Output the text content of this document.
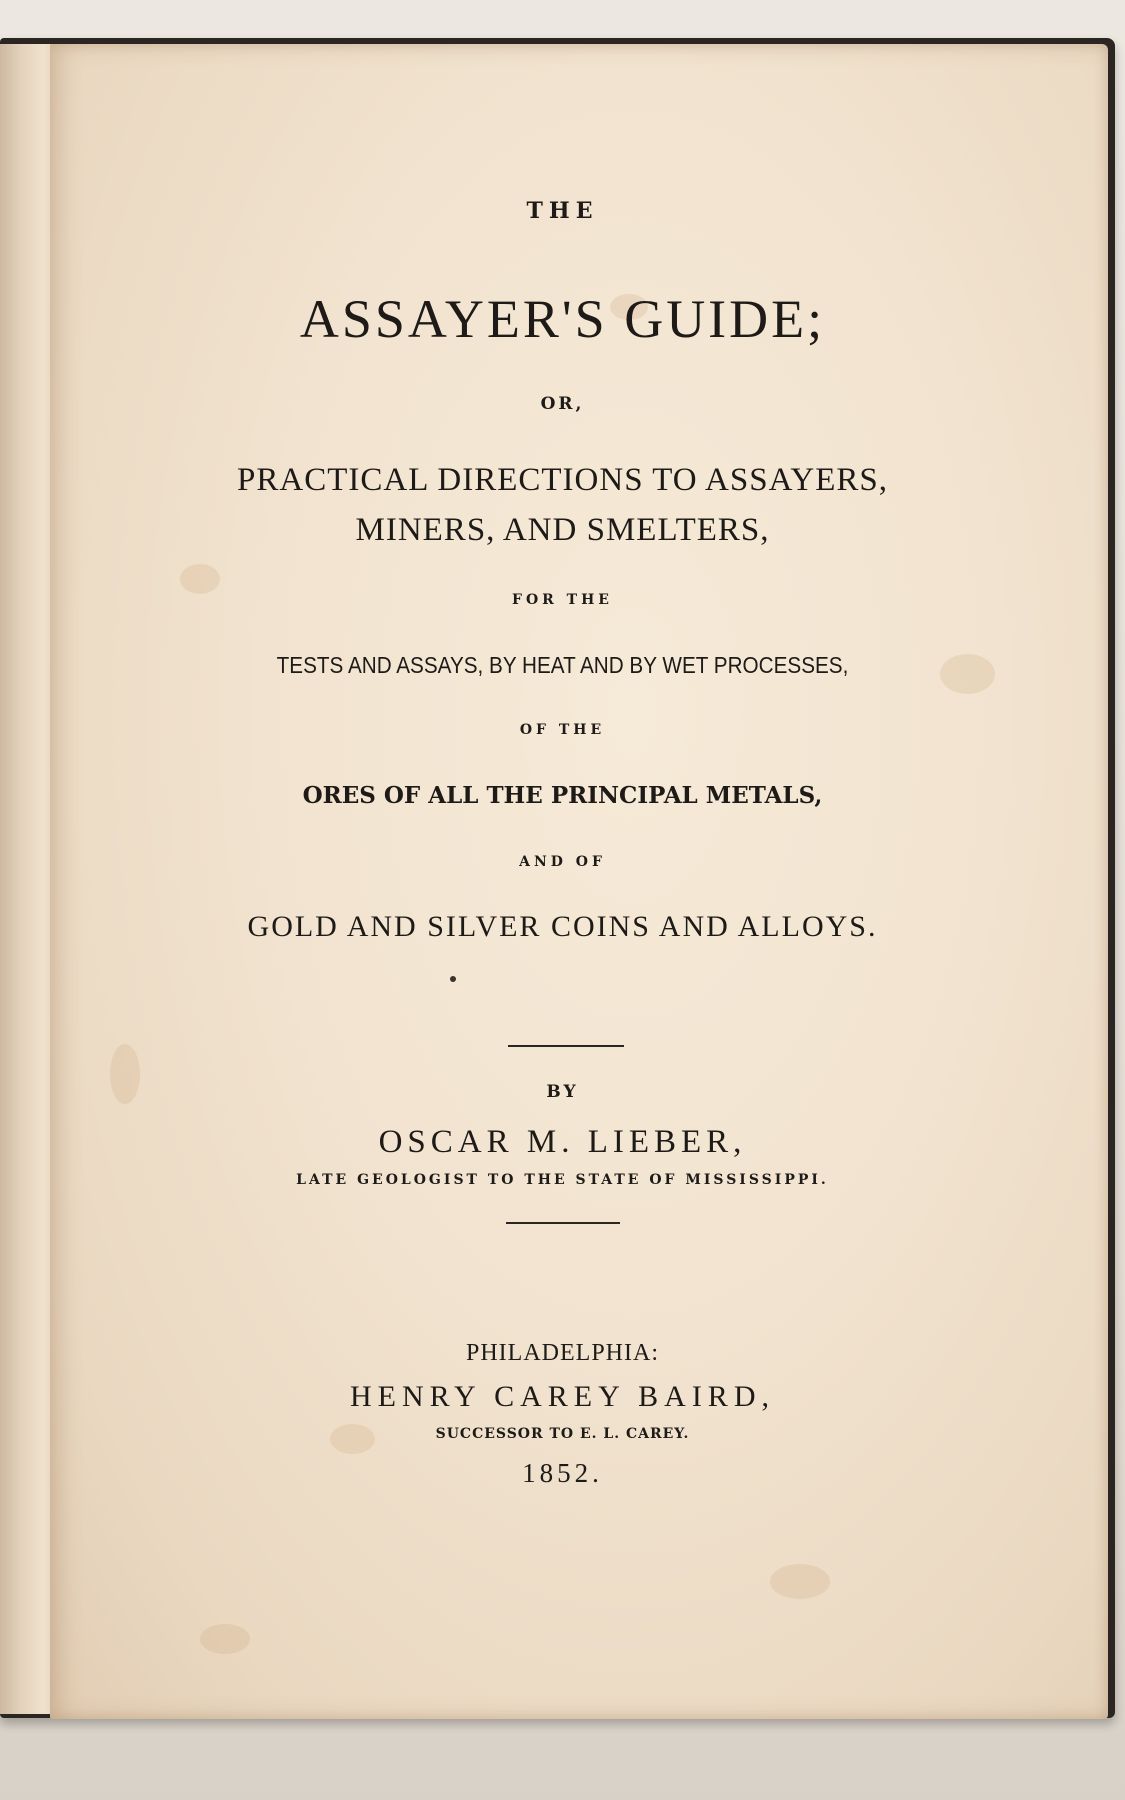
THE

ASSAYER'S GUIDE;

OR,

PRACTICAL DIRECTIONS TO ASSAYERS,

MINERS, AND SMELTERS,

FOR THE

TESTS AND ASSAYS, BY HEAT AND BY WET PROCESSES,

OF THE

ORES OF ALL THE PRINCIPAL METALS,

AND OF

GOLD AND SILVER COINS AND ALLOYS.

BY

OSCAR M. LIEBER,

LATE GEOLOGIST TO THE STATE OF MISSISSIPPI.

PHILADELPHIA:

HENRY CAREY BAIRD,

SUCCESSOR TO E. L. CAREY.

1852.
